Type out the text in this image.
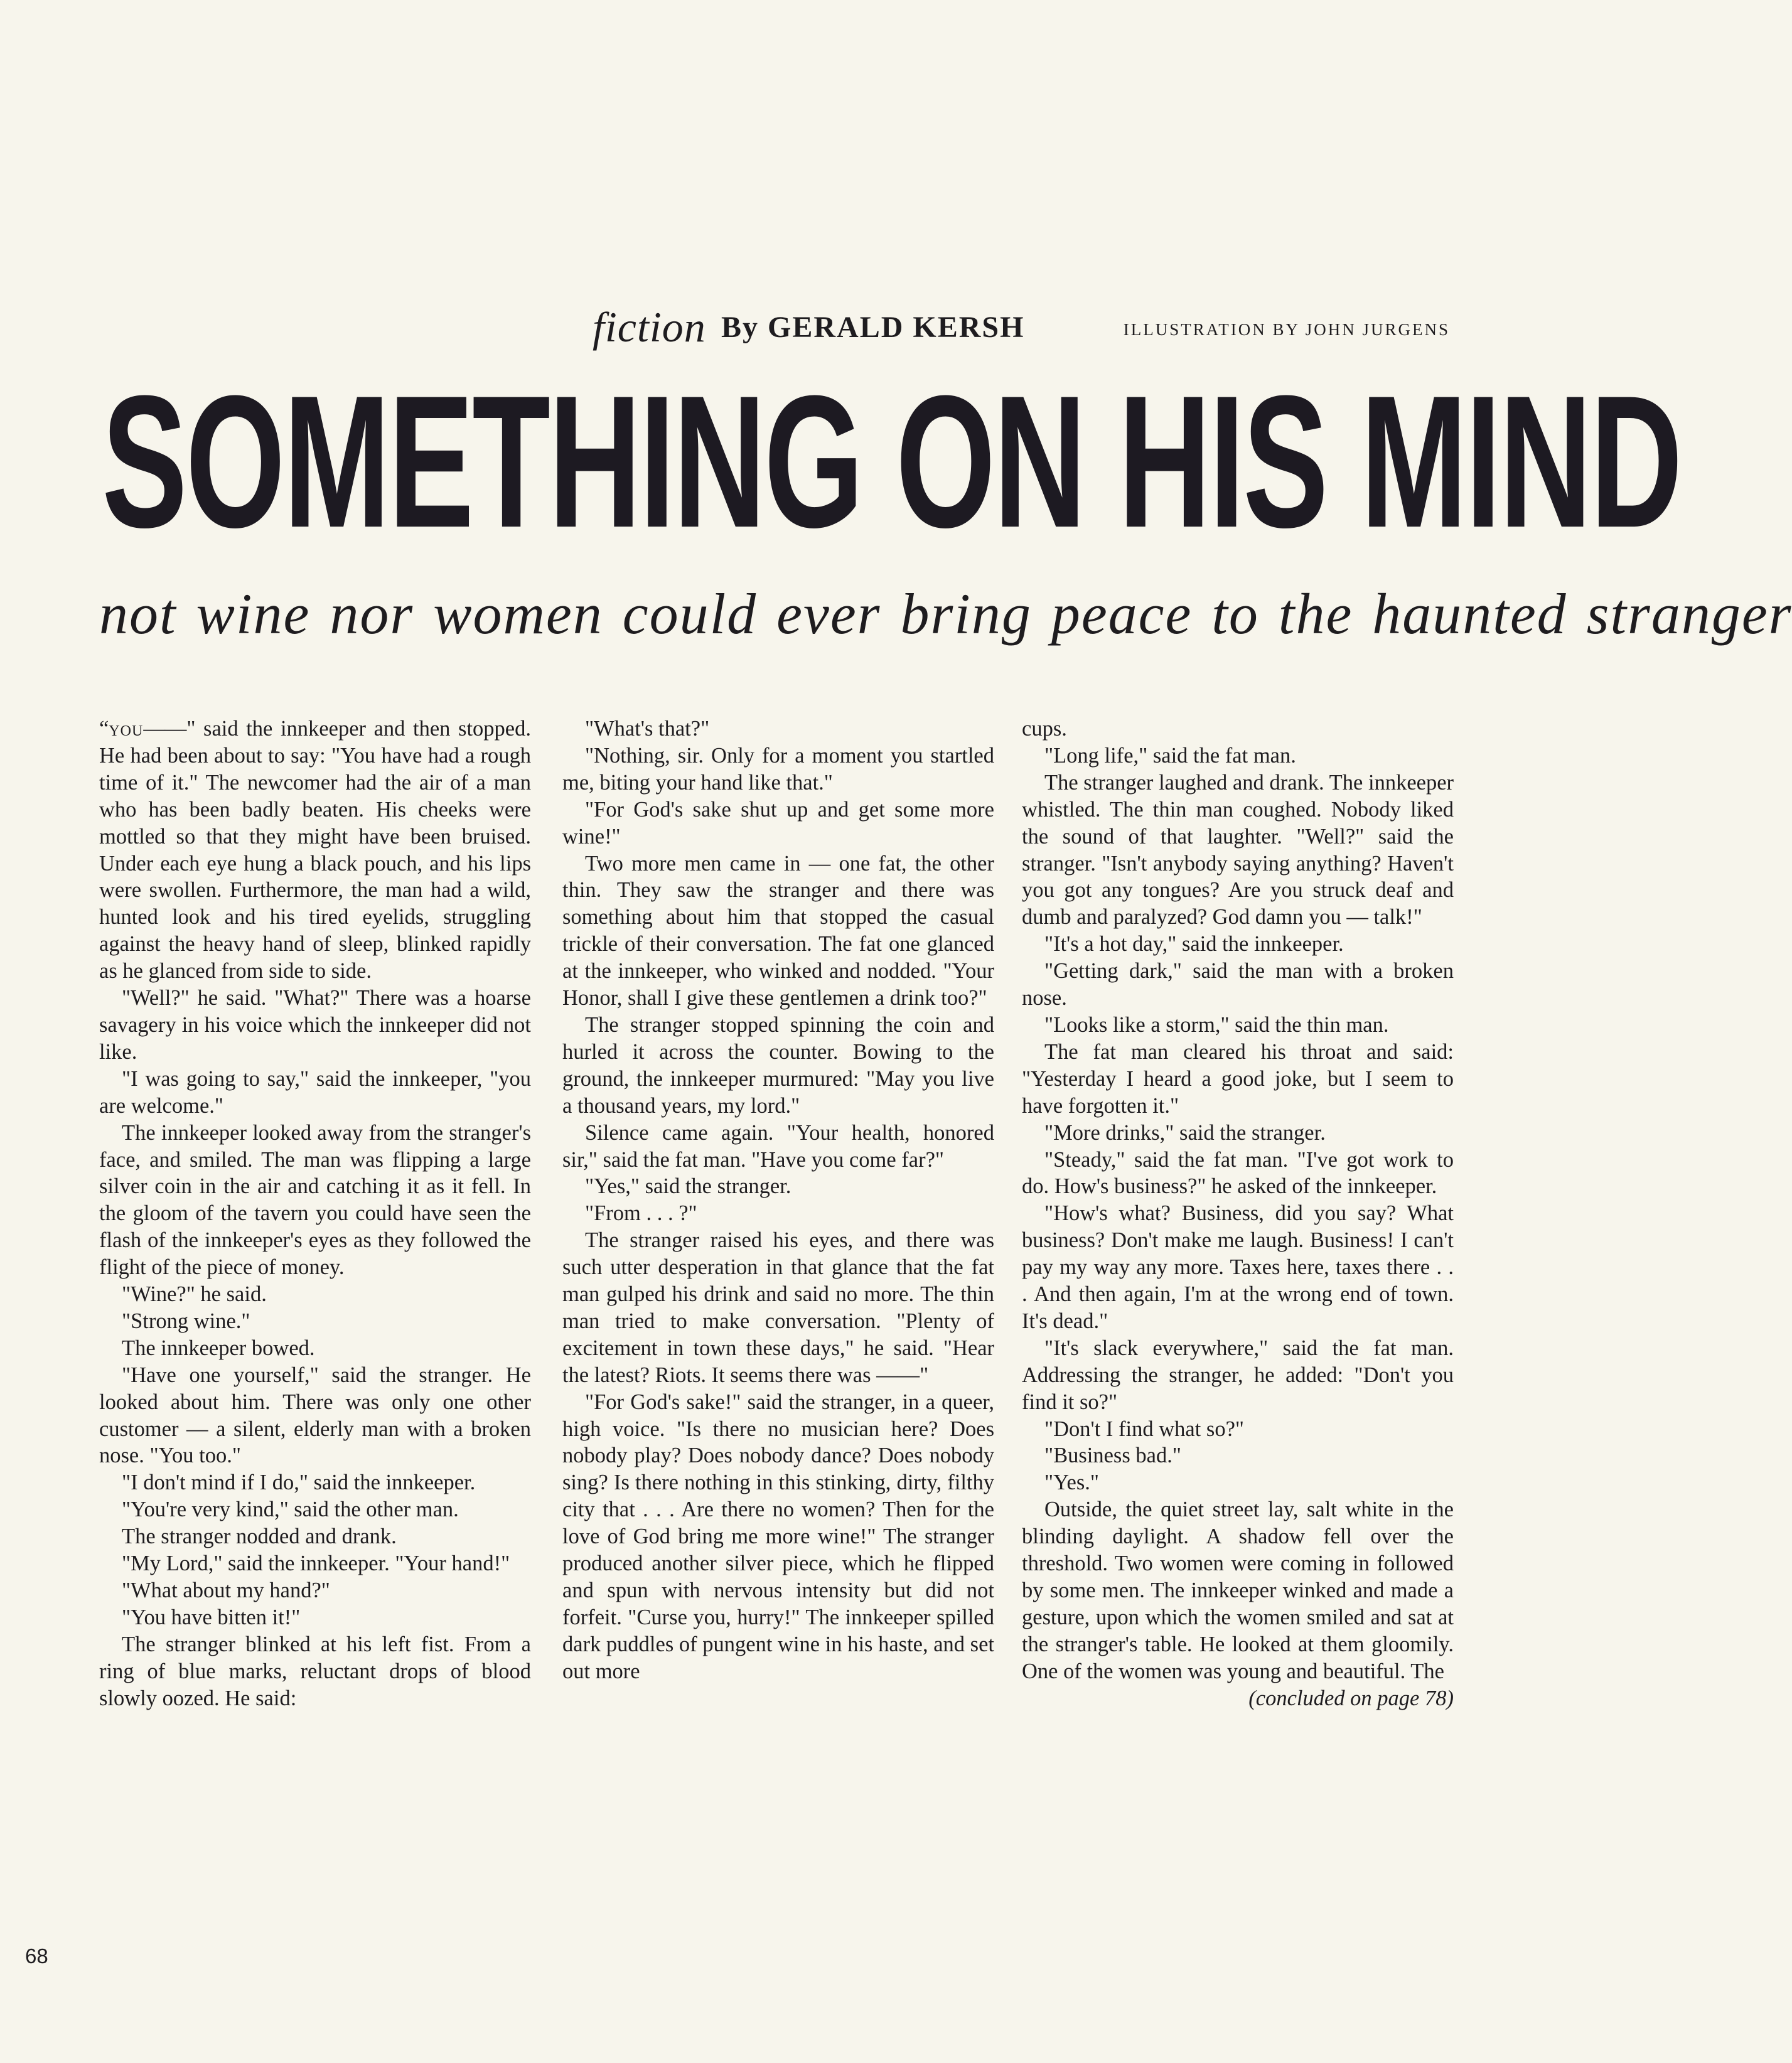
fiction By GERALD KERSH	ILLUSTRATION BY JOHN JURGENS
SOMETHING ON HIS MIND
not wine nor women could ever bring peace to the haunted stranger

“you——" said the innkeeper and then stopped. He had been about to say: "You have had a rough time of it." The newcomer had the air of a man who has been badly beaten. His cheeks were mottled so that they might have been bruised. Under each eye hung a black pouch, and his lips were swollen. Furthermore, the man had a wild, hunted look and his tired eyelids, struggling against the heavy hand of sleep, blinked rapidly as he glanced from side to side.

"Well?" he said. "What?" There was a hoarse savagery in his voice which the innkeeper did not like.

"I was going to say," said the innkeeper, "you are welcome."

The innkeeper looked away from the stranger's face, and smiled. The man was flipping a large silver coin in the air and catching it as it fell. In the gloom of the tavern you could have seen the flash of the innkeeper's eyes as they followed the flight of the piece of money.

"Wine?" he said.

"Strong wine."

The innkeeper bowed.

"Have one yourself," said the stranger. He looked about him. There was only one other customer — a silent, elderly man with a broken nose. "You too."

"I don't mind if I do," said the innkeeper.

"You're very kind," said the other man.

The stranger nodded and drank.

"My Lord," said the innkeeper. "Your hand!"

"What about my hand?"

"You have bitten it!"

The stranger blinked at his left fist. From a ring of blue marks, reluctant drops of blood slowly oozed. He said:

"What's that?"

"Nothing, sir. Only for a moment you startled me, biting your hand like that."

"For God's sake shut up and get some more wine!"

Two more men came in — one fat, the other thin. They saw the stranger and there was something about him that stopped the casual trickle of their conversation. The fat one glanced at the innkeeper, who winked and nodded. "Your Honor, shall I give these gentlemen a drink too?"

The stranger stopped spinning the coin and hurled it across the counter. Bowing to the ground, the innkeeper murmured: "May you live a thousand years, my lord."

Silence came again. "Your health, honored sir," said the fat man. "Have you come far?"

"Yes," said the stranger.

"From . . . ?"

The stranger raised his eyes, and there was such utter desperation in that glance that the fat man gulped his drink and said no more. The thin man tried to make conversation. "Plenty of excitement in town these days," he said. "Hear the latest? Riots. It seems there was ——"

"For God's sake!" said the stranger, in a queer, high voice. "Is there no musician here? Does nobody play? Does nobody dance? Does nobody sing? Is there nothing in this stinking, dirty, filthy city that . . . Are there no women? Then for the love of God bring me more wine!" The stranger produced another silver piece, which he flipped and spun with nervous intensity but did not forfeit. "Curse you, hurry!" The innkeeper spilled dark puddles of pungent wine in his haste, and set out more

cups.

"Long life," said the fat man.

The stranger laughed and drank. The innkeeper whistled. The thin man coughed. Nobody liked the sound of that laughter. "Well?" said the stranger. "Isn't anybody saying anything? Haven't you got any tongues? Are you struck deaf and dumb and paralyzed? God damn you — talk!"

"It's a hot day," said the innkeeper.

"Getting dark," said the man with a broken nose.

"Looks like a storm," said the thin man.

The fat man cleared his throat and said: "Yesterday I heard a good joke, but I seem to have forgotten it."

"More drinks," said the stranger.

"Steady," said the fat man. "I've got work to do. How's business?" he asked of the innkeeper.

"How's what? Business, did you say? What business? Don't make me laugh. Business! I can't pay my way any more. Taxes here, taxes there . . . And then again, I'm at the wrong end of town. It's dead."

"It's slack everywhere," said the fat man. Addressing the stranger, he added: "Don't you find it so?"

"Don't I find what so?"

"Business bad."

"Yes."

Outside, the quiet street lay, salt white in the blinding daylight. A shadow fell over the threshold. Two women were coming in followed by some men. The innkeeper winked and made a gesture, upon which the women smiled and sat at the stranger's table. He looked at them gloomily. One of the women was young and beautiful. The

(concluded on page 78)

68
